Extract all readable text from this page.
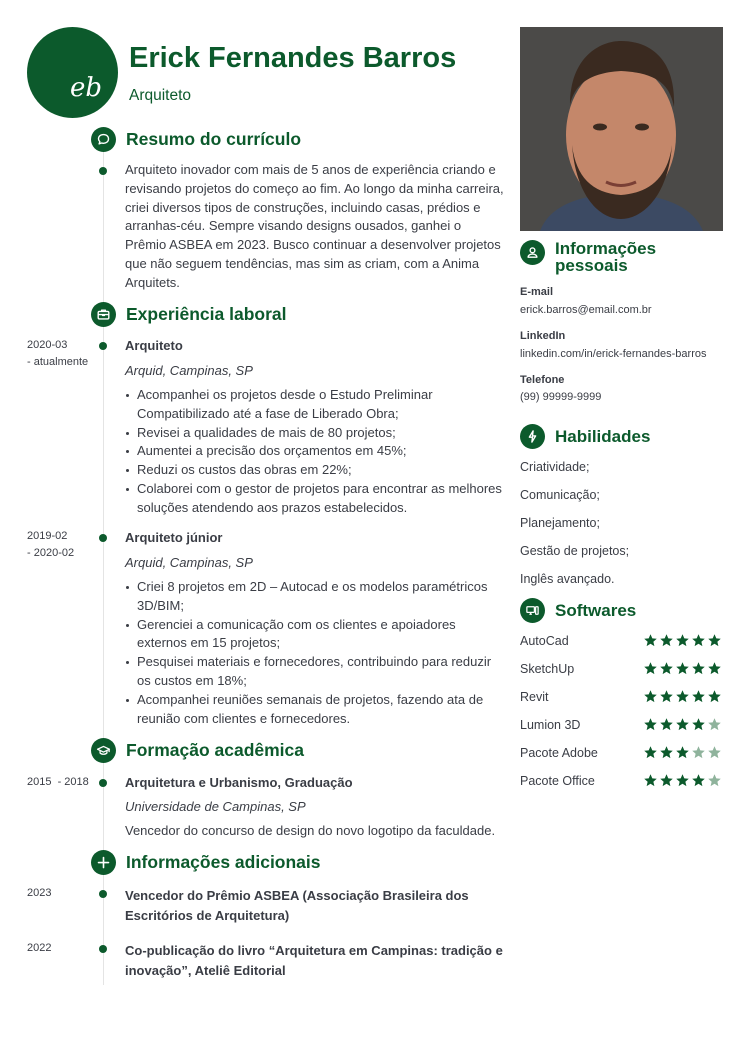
eb
Erick Fernandes Barros
Arquiteto
Resumo do currículo
Arquiteto inovador com mais de 5 anos de experiência criando e revisando projetos do começo ao fim. Ao longo da minha carreira, criei diversos tipos de construções, incluindo casas, prédios e arranhas-céu. Sempre visando designs ousados, ganhei o Prêmio ASBEA em 2023. Busco continuar a desenvolver projetos que não seguem tendências, mas sim as criam, com a Anima Arquitets.
Experiência laboral
2020-03
- atualmente
Arquiteto
Arquid, Campinas, SP
Acompanhei os projetos desde o Estudo Preliminar Compatibilizado até a fase de Liberado Obra;
Revisei a qualidades de mais de 80 projetos;
Aumentei a precisão dos orçamentos em 45%;
Reduzi os custos das obras em 22%;
Colaborei com o gestor de projetos para encontrar as melhores soluções atendendo aos prazos estabelecidos.
2019-02
- 2020-02
Arquiteto júnior
Arquid, Campinas, SP
Criei 8 projetos em 2D – Autocad e os modelos paramétricos 3D/BIM;
Gerenciei a comunicação com os clientes e apoiadores externos em 15 projetos;
Pesquisei materiais e fornecedores, contribuindo para reduzir os custos em 18%;
Acompanhei reuniões semanais de projetos, fazendo ata de reunião com clientes e fornecedores.
Formação acadêmica
2015  - 2018	Arquitetura e Urbanismo, Graduação
Universidade de Campinas, SP
Vencedor do concurso de design do novo logotipo da faculdade.
Informações adicionais
2023	Vencedor do Prêmio ASBEA (Associação Brasileira dos Escritórios de Arquitetura)
2022	Co-publicação do livro “Arquitetura em Campinas: tradição e inovação”, Ateliê Editorial
Informações
pessoais
E-mail
erick.barros@email.com.br
LinkedIn
linkedin.com/in/erick-fernandes-barros
Telefone
(99) 99999-9999
Habilidades
Criatividade;
Comunicação;
Planejamento;
Gestão de projetos;
Inglês avançado.
Softwares
AutoCad
SketchUp
Revit
Lumion 3D
Pacote Adobe
Pacote Office
